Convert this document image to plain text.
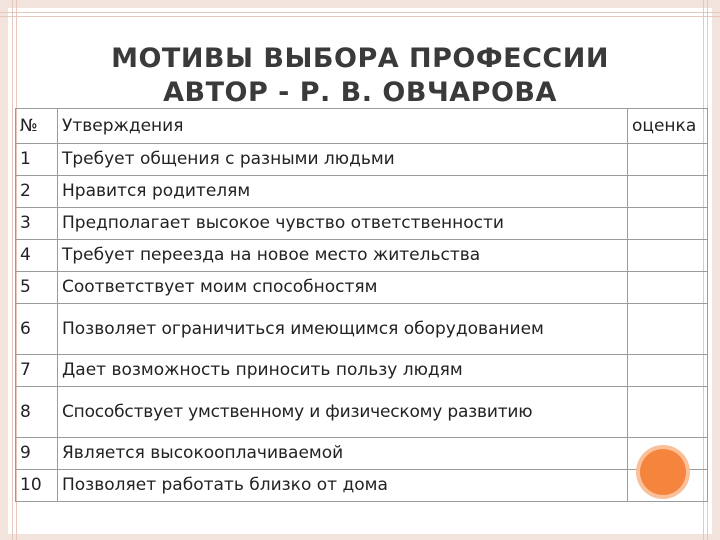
МОТИВЫ ВЫБОРА ПРОФЕССИИ
АВТОР - Р. В. ОВЧАРОВА
№	Утверждения	оценка
1	Требует общения с разными людьми	
2	Нравится родителям	
3	Предполагает высокое чувство ответственности	
4	Требует переезда на новое место жительства	
5	Соответствует моим способностям	
6	Позволяет ограничиться имеющимся оборудованием	
7	Дает возможность приносить пользу людям	
8	Способствует умственному и физическому развитию	
9	Является высокооплачиваемой	
10	Позволяет работать близко от дома	
